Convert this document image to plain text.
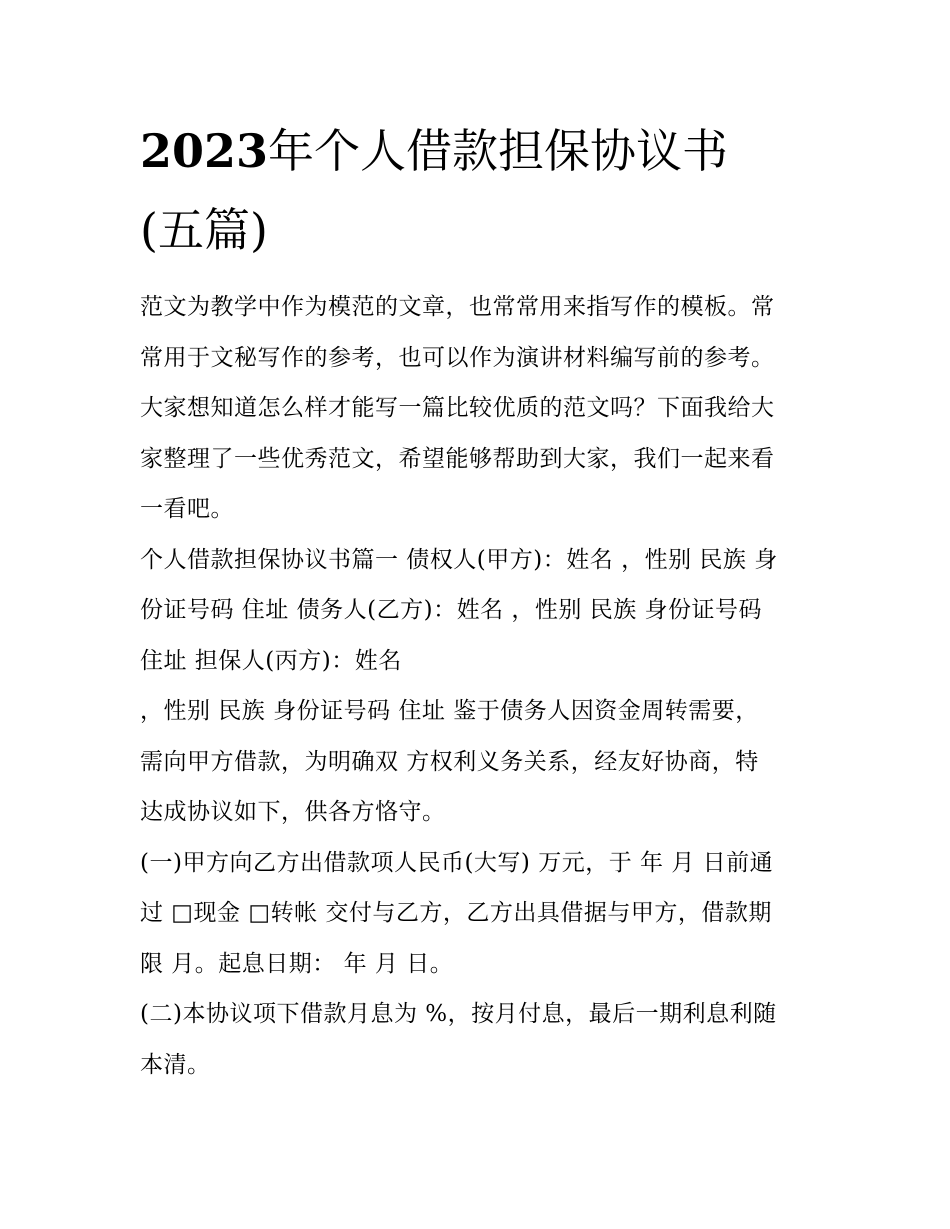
2023年个人借款担保协议书
(五篇)

范文为教学中作为模范的文章，也常常用来指写作的模板。常
常用于文秘写作的参考，也可以作为演讲材料编写前的参考。
大家想知道怎么样才能写一篇比较优质的范文吗？下面我给大
家整理了一些优秀范文，希望能够帮助到大家，我们一起来看
一看吧。

个人借款担保协议书篇一 债权人(甲方)：姓名 ，性别 民族 身
份证号码 住址 债务人(乙方)：姓名 ，性别 民族 身份证号码
住址 担保人(丙方)：姓名

，性别 民族 身份证号码 住址 鉴于债务人因资金周转需要，
需向甲方借款，为明确双 方权利义务关系，经友好协商，特
达成协议如下，供各方恪守。

(一)甲方向乙方出借款项人民币(大写) 万元，于 年 月 日前通
过 □现金 □转帐 交付与乙方，乙方出具借据与甲方，借款期
限 月。起息日期： 年 月 日。

(二)本协议项下借款月息为 %，按月付息，最后一期利息利随
本清。
